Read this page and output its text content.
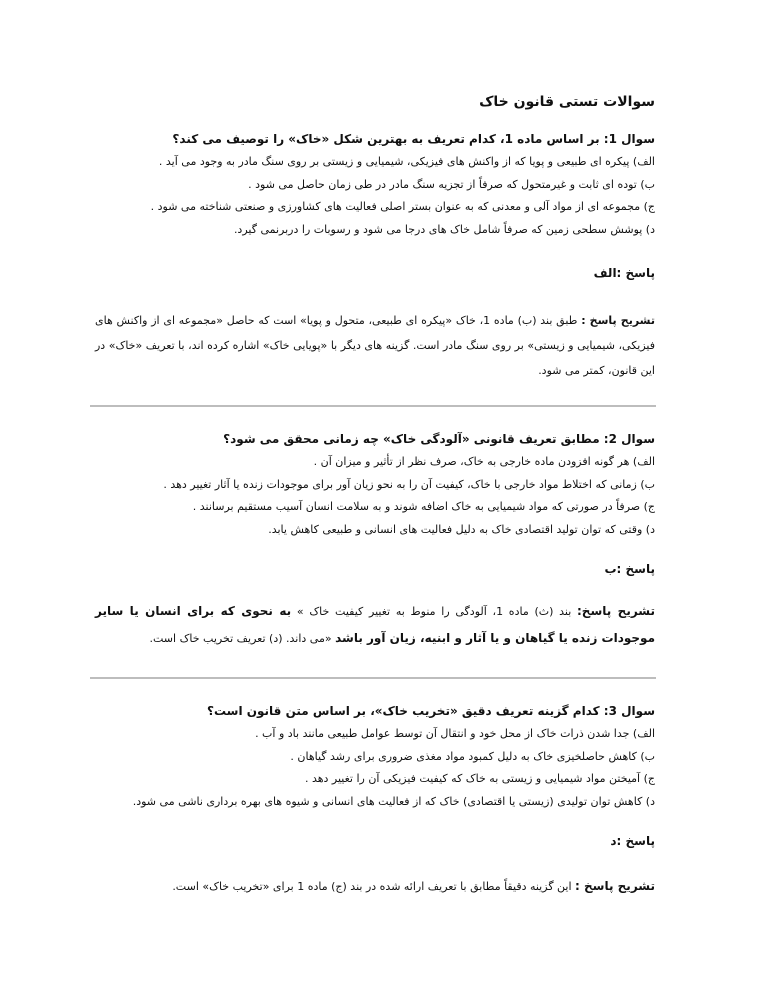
سوالات تستی قانون خاک
سوال 1: بر اساس ماده 1، کدام تعریف به بهترین شکل «خاک» را توصیف می کند؟
الف) پیکره ای طبیعی و پویا که از واکنش های فیزیکی، شیمیایی و زیستی بر روی سنگ مادر به وجود می آید .
ب) توده ای ثابت و غیرمتحول که صرفاً از تجزیه سنگ مادر در طی زمان حاصل می شود .
ج) مجموعه ای از مواد آلی و معدنی که به عنوان بستر اصلی فعالیت های کشاورزی و صنعتی شناخته می شود .
د) پوشش سطحی زمین که صرفاً شامل خاک های درجا می شود و رسوبات را دربرنمی گیرد.
پاسخ :الف
تشریح پاسخ : طبق بند (ب) ماده 1، خاک «پیکره ای طبیعی، متحول و پویا» است که حاصل «مجموعه ای از واکنش های فیزیکی، شیمیایی و زیستی» بر روی سنگ مادر است. گزینه های دیگر با «پویایی خاک» اشاره کرده اند، با تعریف «خاک» در این قانون، کمتر می شود.
سوال 2: مطابق تعریف قانونی «آلودگی خاک» چه زمانی محقق می شود؟
الف) هر گونه افزودن ماده خارجی به خاک، صرف نظر از تأثیر و میزان آن .
ب) زمانی که اختلاط مواد خارجی با خاک، کیفیت آن را به نحو زیان آور برای موجودات زنده یا آثار تغییر دهد .
ج) صرفاً در صورتی که مواد شیمیایی به خاک اضافه شوند و به سلامت انسان آسیب مستقیم برسانند .
د) وقتی که توان تولید اقتصادی خاک به دلیل فعالیت های انسانی و طبیعی کاهش یابد.
پاسخ :ب
تشریح پاسخ: بند (ث) ماده 1، آلودگی را منوط به تغییر کیفیت خاک » به نحوی که برای انسان یا سایر موجودات زنده یا گیاهان و یا آثار و ابنیه، زیان آور باشد «می داند. (د) تعریف تخریب خاک است.
سوال 3: کدام گزینه تعریف دقیق «تخریب خاک»، بر اساس متن قانون است؟
الف) جدا شدن ذرات خاک از محل خود و انتقال آن توسط عوامل طبیعی مانند باد و آب .
ب) کاهش حاصلخیزی خاک به دلیل کمبود مواد مغذی ضروری برای رشد گیاهان .
ج) آمیختن مواد شیمیایی و زیستی به خاک که کیفیت فیزیکی آن را تغییر دهد .
د) کاهش توان تولیدی (زیستی یا اقتصادی) خاک که از فعالیت های انسانی و شیوه های بهره برداری ناشی می شود.
پاسخ :د
تشریح پاسخ : این گزینه دقیقاً مطابق با تعریف ارائه شده در بند (ج) ماده 1 برای «تخریب خاک» است.
